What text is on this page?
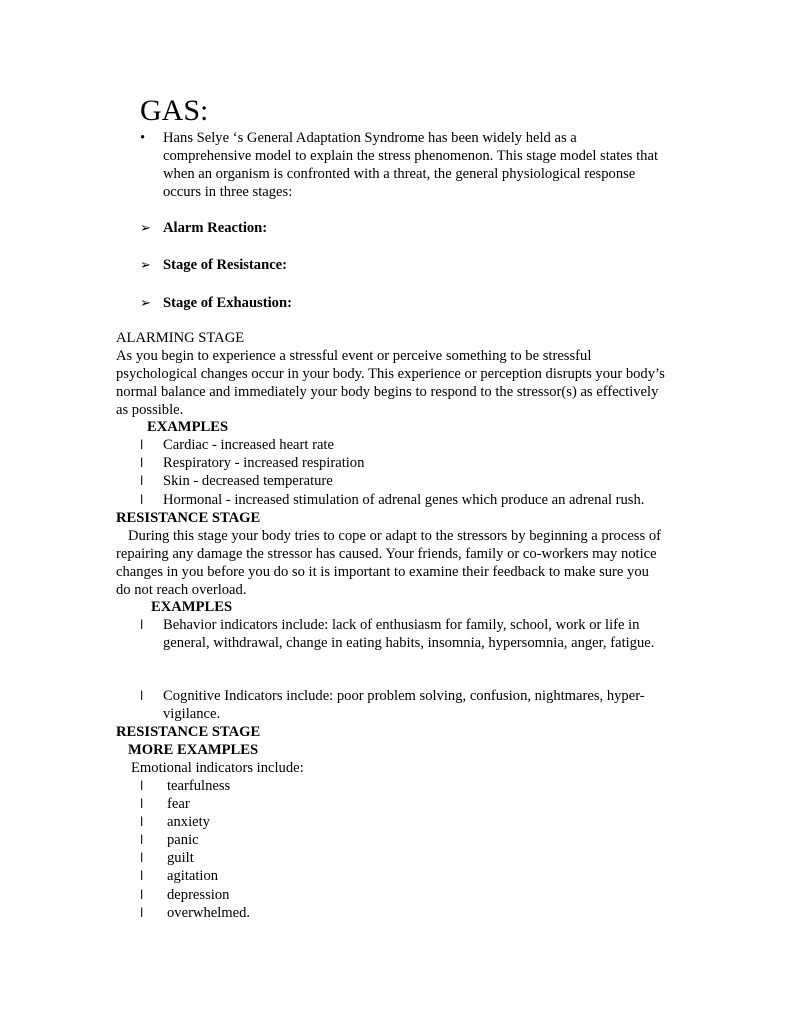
GAS:
• Hans Selye ‘s General Adaptation Syndrome has been widely held as a comprehensive model to explain the stress phenomenon. This stage model states that when an organism is confronted with a threat, the general physiological response occurs in three stages:
➢ Alarm Reaction:
➢ Stage of Resistance:
➢ Stage of Exhaustion:
ALARMING STAGE
As you begin to experience a stressful event or perceive something to be stressful psychological changes occur in your body. This experience or perception disrupts your body’s normal balance and immediately your body begins to respond to the stressor(s) as effectively as possible.
EXAMPLES
l Cardiac - increased heart rate
l Respiratory - increased respiration
l Skin - decreased temperature
l Hormonal - increased stimulation of adrenal genes which produce an adrenal rush.
RESISTANCE STAGE
During this stage your body tries to cope or adapt to the stressors by beginning a process of repairing any damage the stressor has caused. Your friends, family or co-workers may notice changes in you before you do so it is important to examine their feedback to make sure you do not reach overload.
EXAMPLES
l Behavior indicators include: lack of enthusiasm for family, school, work or life in general, withdrawal, change in eating habits, insomnia, hypersomnia, anger, fatigue.
l Cognitive Indicators include: poor problem solving, confusion, nightmares, hyper-vigilance.
RESISTANCE STAGE
MORE EXAMPLES
Emotional indicators include:
l tearfulness
l fear
l anxiety
l panic
l guilt
l agitation
l depression
l overwhelmed.
